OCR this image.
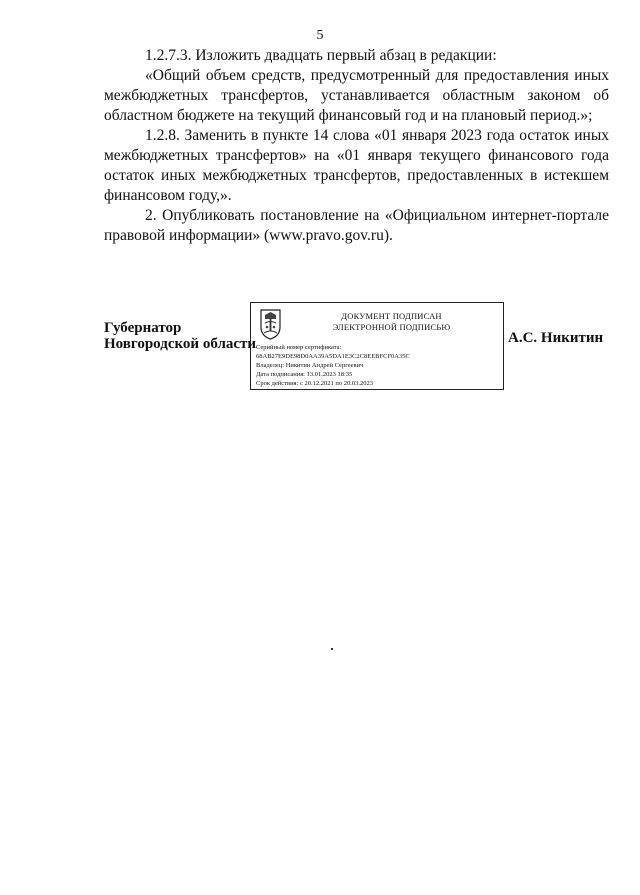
5

1.2.7.3. Изложить двадцать первый абзац в редакции:

«Общий объем средств, предусмотренный для предоставления иных межбюджетных трансфертов, устанавливается областным законом об областном бюджете на текущий финансовый год и на плановый период.»;

1.2.8. Заменить в пункте 14 слова «01 января 2023 года остаток иных межбюджетных трансфертов» на «01 января текущего финансового года остаток иных межбюджетных трансфертов, предоставленных в истекшем финансовом году,».

2. Опубликовать постановление на «Официальном интернет-портале правовой информации» (www.pravo.gov.ru).

Губернатор
Новгородской области
ДОКУМЕНТ ПОДПИСАН
ЭЛЕКТРОННОЙ ПОДПИСЬЮ
Серийный номер сертификата:
68AB27E9DE98D0AA39A5DA1E3C2C8EEBFCF0A35C
Владелец: Никитин Андрей Сергеевич
Дата подписания: 13.01.2023 18:35
Срок действия: с 20.12.2021 по 20.03.2023
А.С. Никитин
